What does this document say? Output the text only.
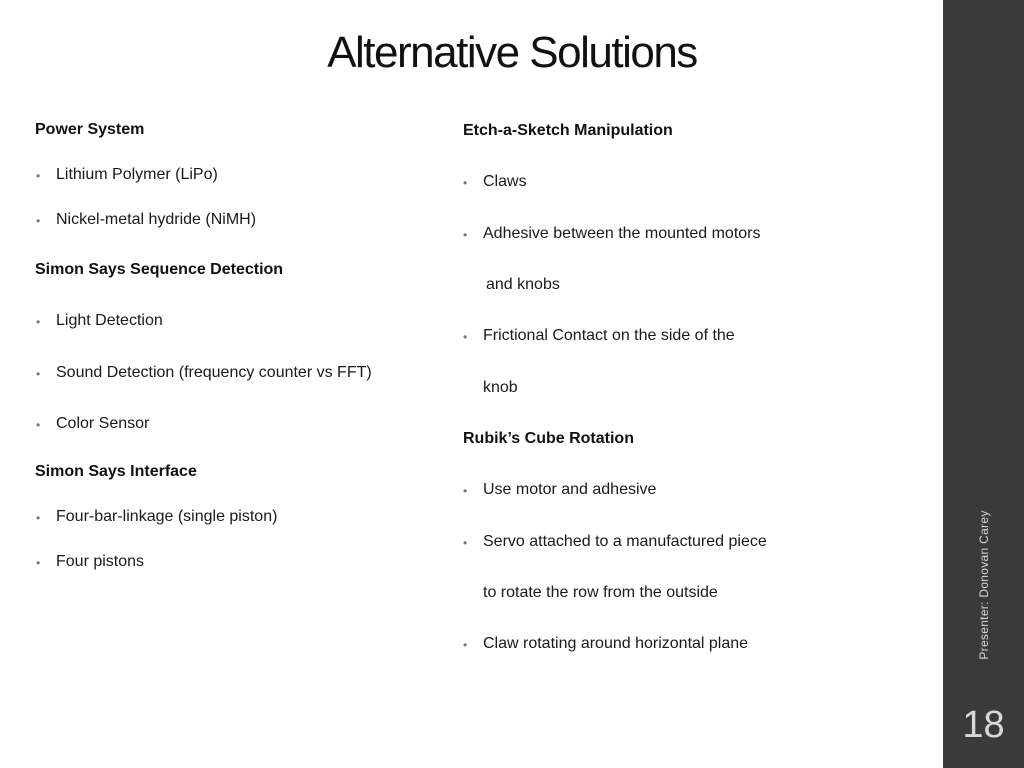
Alternative Solutions
Power System
• Lithium Polymer (LiPo)
• Nickel-metal hydride (NiMH)
Simon Says Sequence Detection
• Light Detection
• Sound Detection (frequency counter vs FFT)
• Color Sensor
Simon Says Interface
• Four-bar-linkage (single piston)
• Four pistons
Etch-a-Sketch Manipulation
• Claws
• Adhesive between the mounted motors
and knobs
• Frictional Contact on the side of the
knob
Rubik’s Cube Rotation
• Use motor and adhesive
• Servo attached to a manufactured piece
to rotate the row from the outside
• Claw rotating around horizontal plane	Presenter: Donovan Carey
18
